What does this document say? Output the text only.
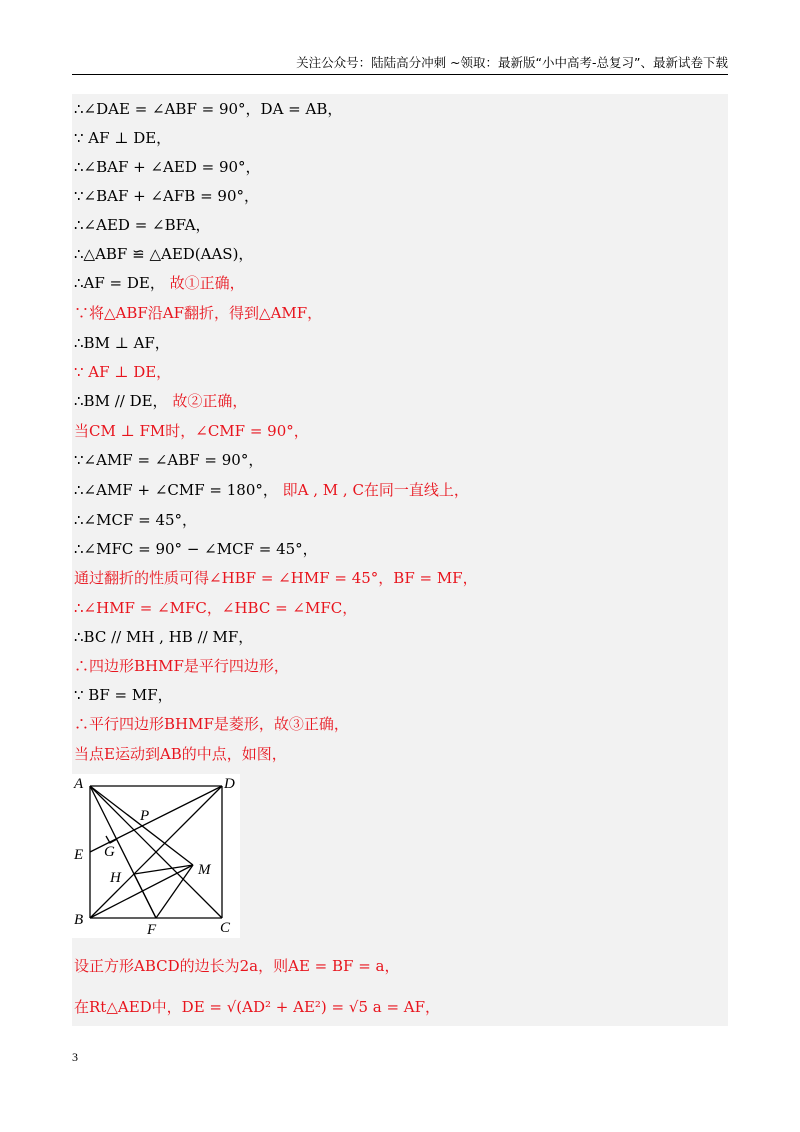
关注公众号：陆陆高分冲刺 ~领取：最新版“小中高考-总复习”、最新试卷下载
∴∠DAE = ∠ABF = 90°，DA = AB，
∵ AF ⊥ DE，
∴∠BAF + ∠AED = 90°，
∵∠BAF + ∠AFB = 90°，
∴∠AED = ∠BFA，
∴△ABF ≌ △AED(AAS)，
∴AF = DE， 故①正确，
∵将△ABF沿AF翻折，得到△AMF，
∴BM ⊥ AF，
∵ AF ⊥ DE，
∴BM // DE， 故②正确，
当CM ⊥ FM时，∠CMF = 90°，
∵∠AMF = ∠ABF = 90°，
∴∠AMF + ∠CMF = 180°， 即A , M , C在同一直线上，
∴∠MCF = 45°，
∴∠MFC = 90° − ∠MCF = 45°，
通过翻折的性质可得∠HBF = ∠HMF = 45°，BF = MF，
∴∠HMF = ∠MFC，∠HBC = ∠MFC，
∴BC // MH , HB // MF，
∴四边形BHMF是平行四边形，
∵ BF = MF，
∴平行四边形BHMF是菱形，故③正确，
当点E运动到AB的中点，如图，
A	D
B	C
E
F
G
H	M
P
设正方形ABCD的边长为2a，则AE = BF = a，
在Rt△AED中，DE = √(AD² + AE²) = √5 a = AF，
3
